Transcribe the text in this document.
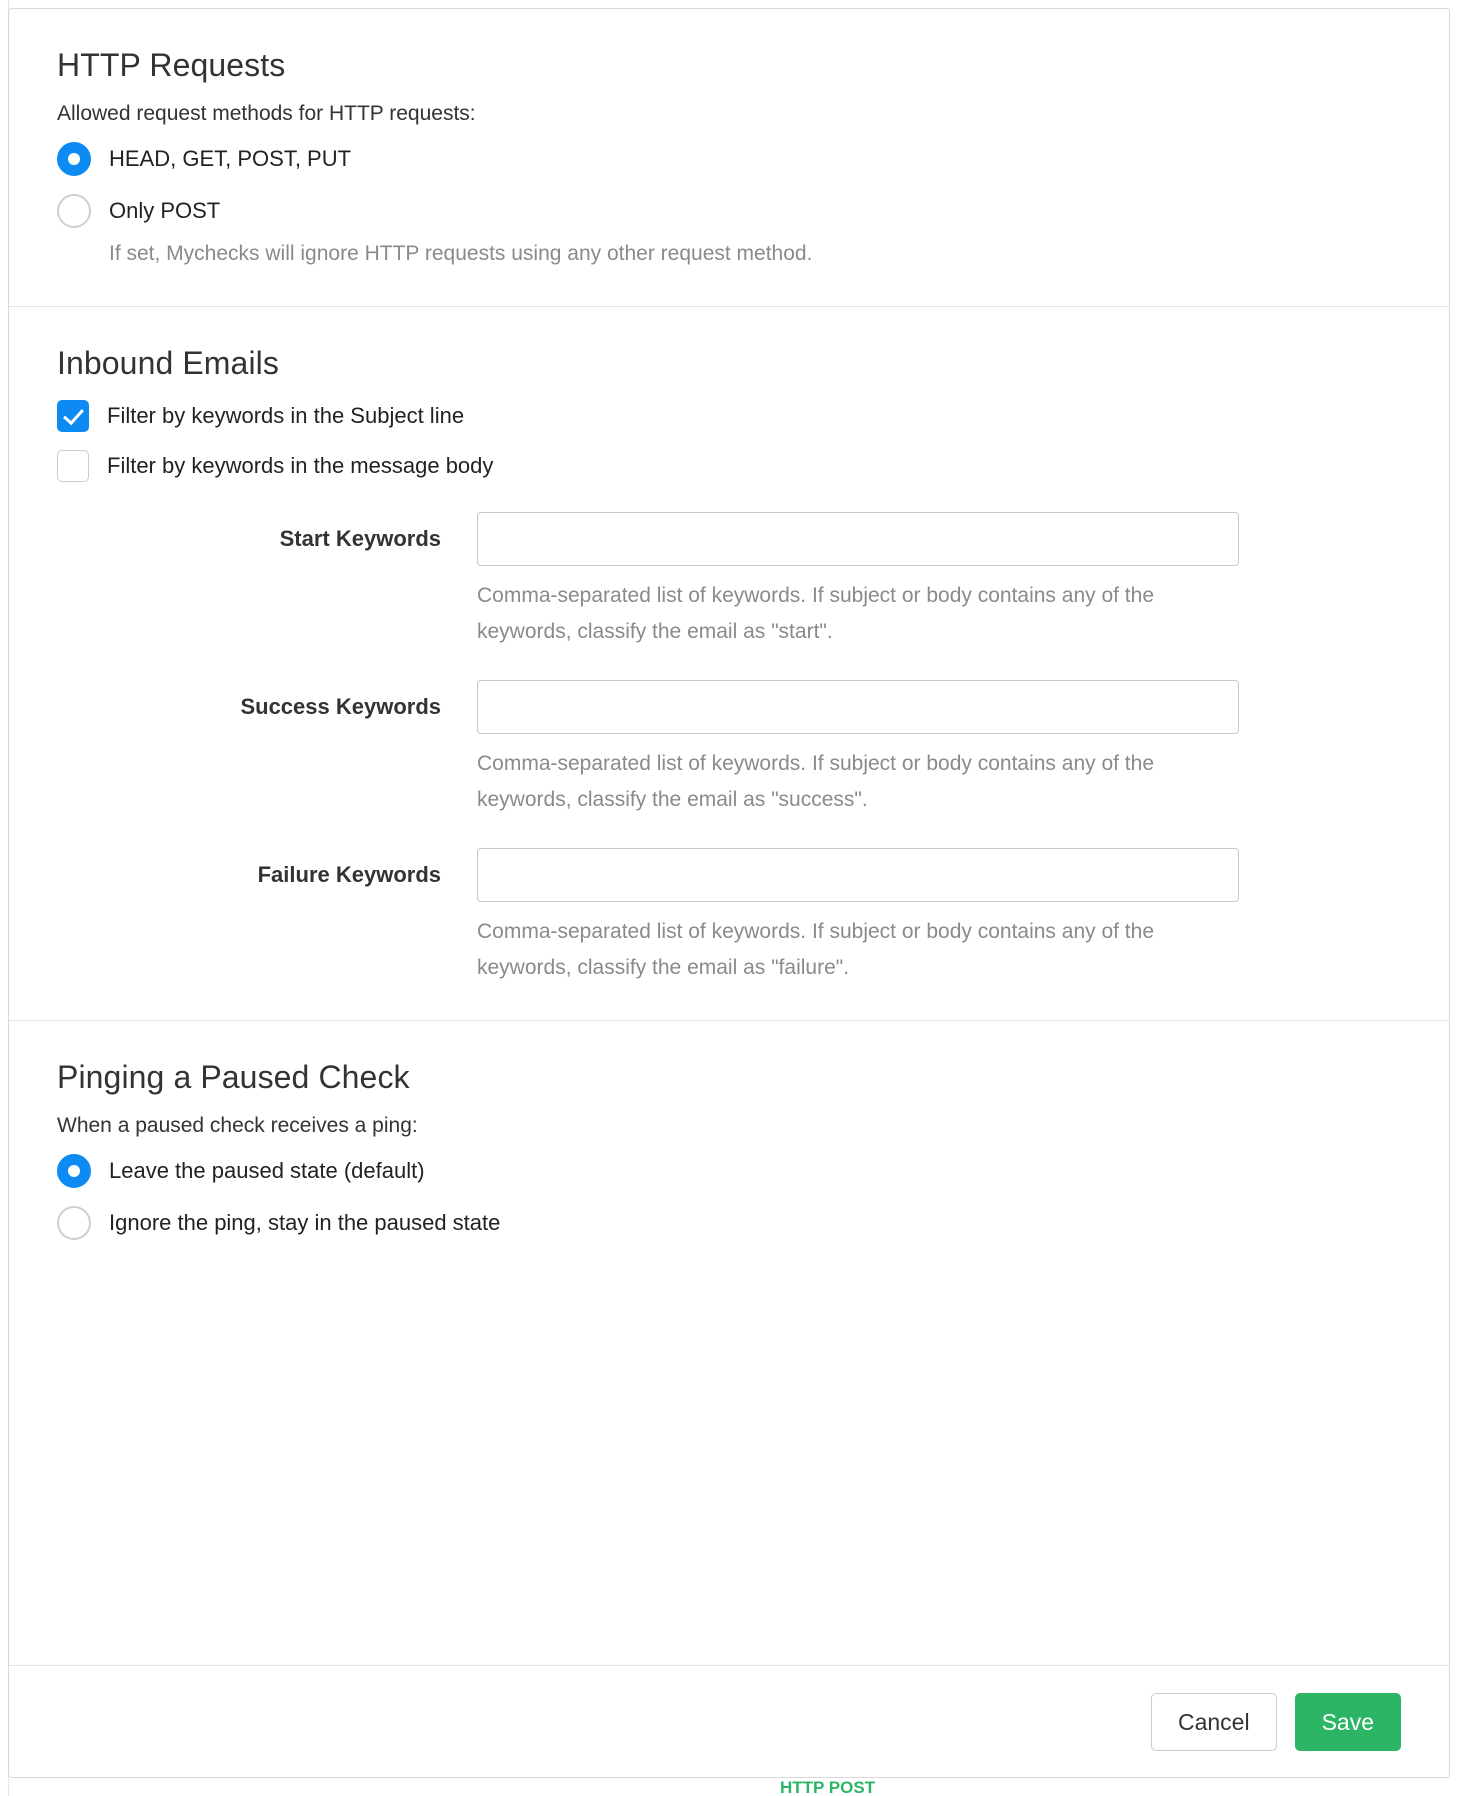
HTTP Requests

Allowed request methods for HTTP requests:

HEAD, GET, POST, PUT
Only POST
If set, Mychecks will ignore HTTP requests using any other request method.
Inbound Emails
Filter by keywords in the Subject line
Filter by keywords in the message body
Start Keywords
Comma-separated list of keywords. If subject or body contains any of the keywords, classify the email as "start".
Success Keywords
Comma-separated list of keywords. If subject or body contains any of the keywords, classify the email as "success".
Failure Keywords
Comma-separated list of keywords. If subject or body contains any of the keywords, classify the email as "failure".
Pinging a Paused Check

When a paused check receives a ping:

Leave the paused state (default)
Ignore the ping, stay in the paused state
Cancel	Save
HTTP POST
